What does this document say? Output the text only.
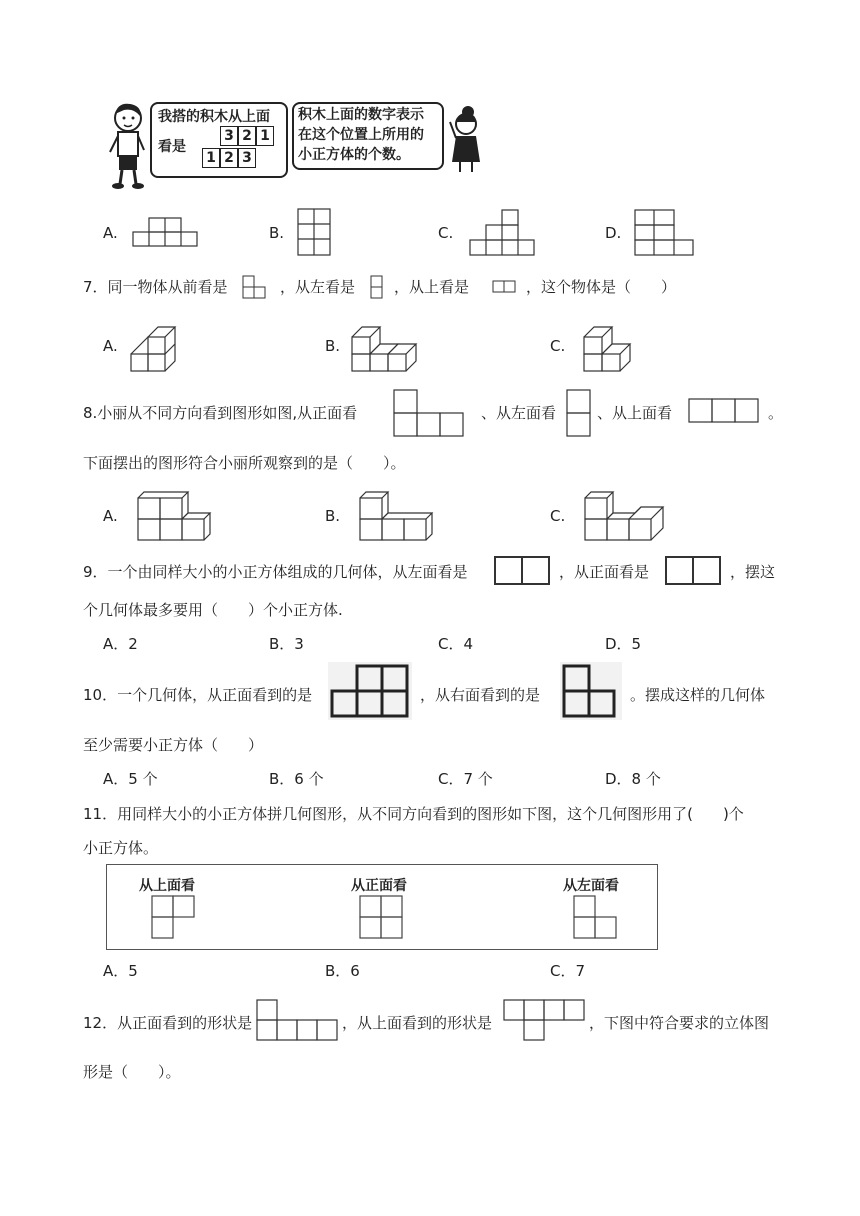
我搭的积木从上面
看是
3 2 1
1 2 3
积木上面的数字表示
在这个位置上所用的
小正方体的个数。
A.	B.	C.	D.
7．同一物体从前看是	，从左看是	，从上看是	，这个物体是（　　）
A.	B.	C.
8.小丽从不同方向看到图形如图,从正面看	、从左面看	、从上面看	。
下面摆出的图形符合小丽所观察到的是（　　）。
A.	B.	C.
9．一个由同样大小的小正方体组成的几何体，从左面看是	，从正面看是	，摆这
个几何体最多要用（　　）个小正方体.
A．2	B．3	C．4	D．5
10．一个几何体，从正面看到的是	，从右面看到的是	。摆成这样的几何体
至少需要小正方体（　　）
A．5 个	B．6 个	C．7 个	D．8 个
11．用同样大小的小正方体拼几何图形，从不同方向看到的图形如下图，这个几何图形用了(　　)个
小正方体。
从上面看	从正面看	从左面看
A．5	B．6	C．7
12．从正面看到的形状是	，从上面看到的形状是	，下图中符合要求的立体图
形是（　　）。
